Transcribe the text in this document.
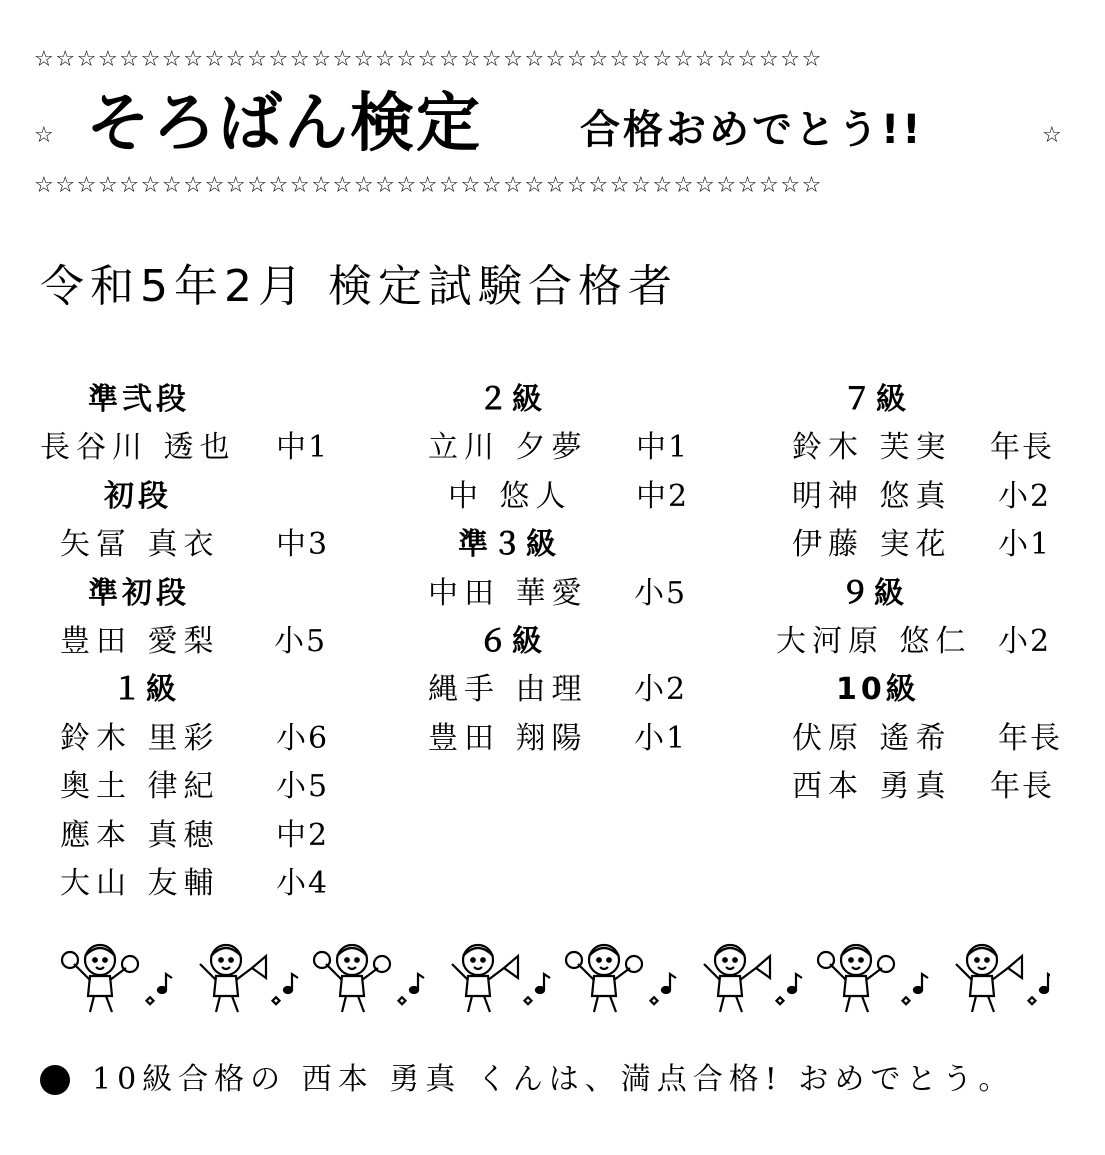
☆☆☆☆☆☆☆☆☆☆☆☆☆☆☆☆☆☆☆☆☆☆☆☆☆☆☆☆☆☆☆☆☆☆☆☆☆
☆ そろばん検定 合格おめでとう!!	☆
☆☆☆☆☆☆☆☆☆☆☆☆☆☆☆☆☆☆☆☆☆☆☆☆☆☆☆☆☆☆☆☆☆☆☆☆☆
令和5年2月 検定試験合格者
準弐段
長谷川 透也 中1
初段
矢冨 真衣 中3
準初段
豊田 愛梨 小5
１級
鈴木 里彩 小6
奥土 律紀 小5
應本 真穂 中2
大山 友輔 小4
２級
立川 夕夢 中1
中 悠人 中2
準３級
中田 華愛 小5
６級
縄手 由理 小2
豊田 翔陽 小1
７級
鈴木 芙実 年長
明神 悠真 小2
伊藤 実花 小1
９級
大河原 悠仁 小2
10級
伏原 遙希 年長
西本 勇真 年長
10級合格の 西本 勇真 くんは、満点合格! おめでとう。
